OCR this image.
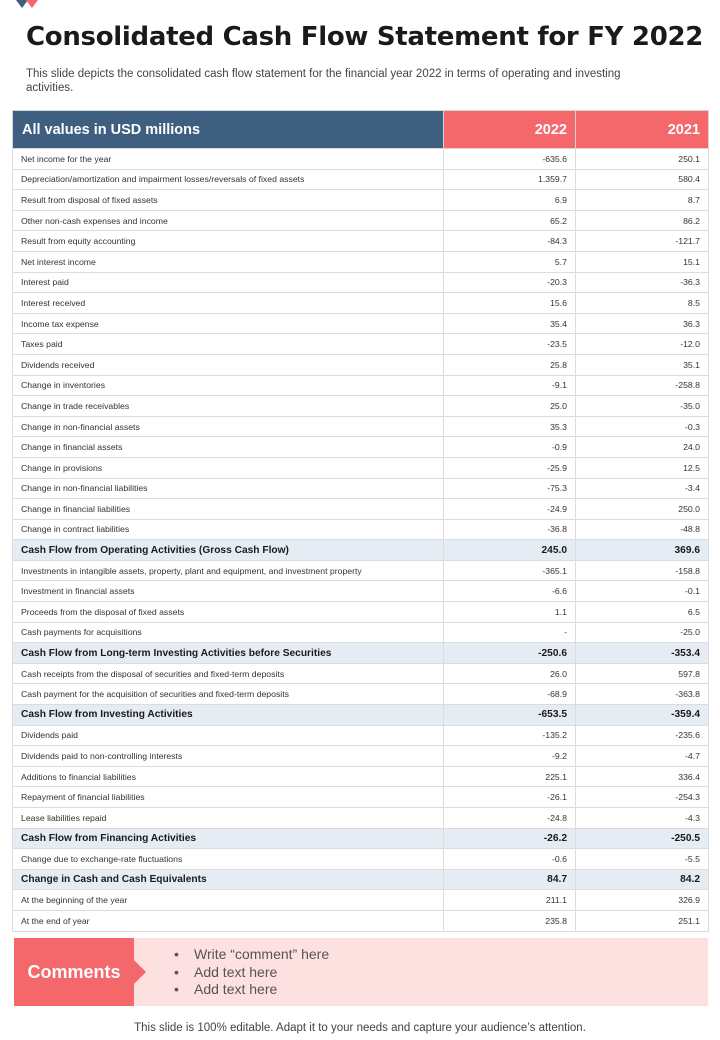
Consolidated Cash Flow Statement for FY 2022
This slide depicts the consolidated cash flow statement for the financial year 2022 in terms of operating and investing activities.
All values in USD millions	2022	2021
Net income for the year	-635.6	250.1
Depreciation/amortization and impairment losses/reversals of fixed assets	1.359.7	580.4
Result from disposal of fixed assets	6.9	8.7
Other non-cash expenses and income	65.2	86.2
Result from equity accounting	-84.3	-121.7
Net interest income	5.7	15.1
Interest paid	-20.3	-36.3
Interest received	15.6	8.5
Income tax expense	35.4	36.3
Taxes paid	-23.5	-12.0
Dividends received	25.8	35.1
Change in inventories	-9.1	-258.8
Change in trade receivables	25.0	-35.0
Change in non-financial assets	35.3	-0.3
Change in financial assets	-0.9	24.0
Change in provisions	-25.9	12.5
Change in non-financial liabilities	-75.3	-3.4
Change in financial liabilities	-24.9	250.0
Change in contract liabilities	-36.8	-48.8
Cash Flow from Operating Activities (Gross Cash Flow)	245.0	369.6
Investments in intangible assets, property, plant and equipment, and investment property	-365.1	-158.8
Investment in financial assets	-6.6	-0.1
Proceeds from the disposal of fixed assets	1.1	6.5
Cash payments for acquisitions	-	-25.0
Cash Flow from Long-term Investing Activities before Securities	-250.6	-353.4
Cash receipts from the disposal of securities and fixed-term deposits	26.0	597.8
Cash payment for the acquisition of securities and fixed-term deposits	-68.9	-363.8
Cash Flow from Investing Activities	-653.5	-359.4
Dividends paid	-135.2	-235.6
Dividends paid to non-controlling interests	-9.2	-4.7
Additions to financial liabilities	225.1	336.4
Repayment of financial liabilities	-26.1	-254.3
Lease liabilities repaid	-24.8	-4.3
Cash Flow from Financing Activities	-26.2	-250.5
Change due to exchange-rate fluctuations	-0.6	-5.5
Change in Cash and Cash Equivalents	84.7	84.2
At the beginning of the year	211.1	326.9
At the end of year	235.8	251.1
Comments
• Write “comment” here
• Add text here
• Add text here
This slide is 100% editable. Adapt it to your needs and capture your audience’s attention.
